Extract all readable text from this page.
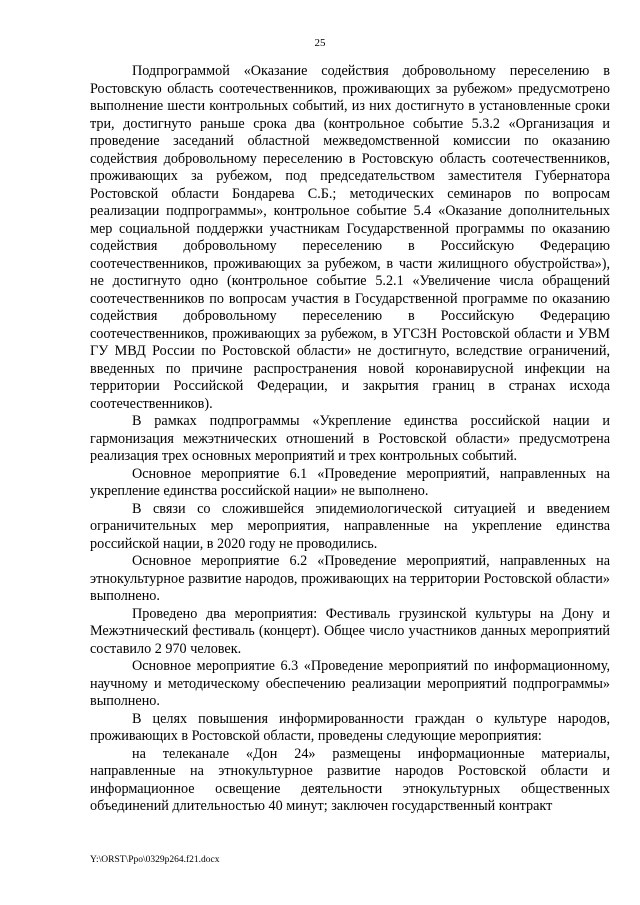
25

Подпрограммой «Оказание содействия добровольному переселению в Ростовскую область соотечественников, проживающих за рубежом» предусмотрено выполнение шести контрольных событий, из них достигнуто в установленные сроки три, достигнуто раньше срока два (контрольное событие 5.3.2 «Организация и проведение заседаний областной межведомственной комиссии по оказанию содействия добровольному переселению в Ростовскую область соотечественников, проживающих за рубежом, под председательством заместителя Губернатора Ростовской области Бондарева С.Б.; методических семинаров по вопросам реализации подпрограммы», контрольное событие 5.4 «Оказание дополнительных мер социальной поддержки участникам Государственной программы по оказанию содействия добровольному переселению в Российскую Федерацию соотечественников, проживающих за рубежом, в части жилищного обустройства»), не достигнуто одно (контрольное событие 5.2.1 «Увеличение числа обращений соотечественников по вопросам участия в Государственной программе по оказанию содействия добровольному переселению в Российскую Федерацию соотечественников, проживающих за рубежом, в УГСЗН Ростовской области и УВМ ГУ МВД России по Ростовской области» не достигнуто, вследствие ограничений, введенных по причине распространения новой коронавирусной инфекции на территории Российской Федерации, и закрытия границ в странах исхода соотечественников).

В рамках подпрограммы «Укрепление единства российской нации и гармонизация межэтнических отношений в Ростовской области» предусмотрена реализация трех основных мероприятий и трех контрольных событий.

Основное мероприятие 6.1 «Проведение мероприятий, направленных на укрепление единства российской нации» не выполнено.

В связи со сложившейся эпидемиологической ситуацией и введением ограничительных мер мероприятия, направленные на укрепление единства российской нации, в 2020 году не проводились.

Основное мероприятие 6.2 «Проведение мероприятий, направленных на этнокультурное развитие народов, проживающих на территории Ростовской области» выполнено.

Проведено два мероприятия: Фестиваль грузинской культуры на Дону и Межэтнический фестиваль (концерт). Общее число участников данных мероприятий составило 2 970 человек.

Основное мероприятие 6.3 «Проведение мероприятий по информационному, научному и методическому обеспечению реализации мероприятий подпрограммы» выполнено.

В целях повышения информированности граждан о культуре народов, проживающих в Ростовской области, проведены следующие мероприятия:

на телеканале «Дон 24» размещены информационные материалы, направленные на этнокультурное развитие народов Ростовской области и информационное освещение деятельности этнокультурных общественных объединений длительностью 40 минут; заключен государственный контракт

Y:\ORST\Ppo\0329p264.f21.docx
